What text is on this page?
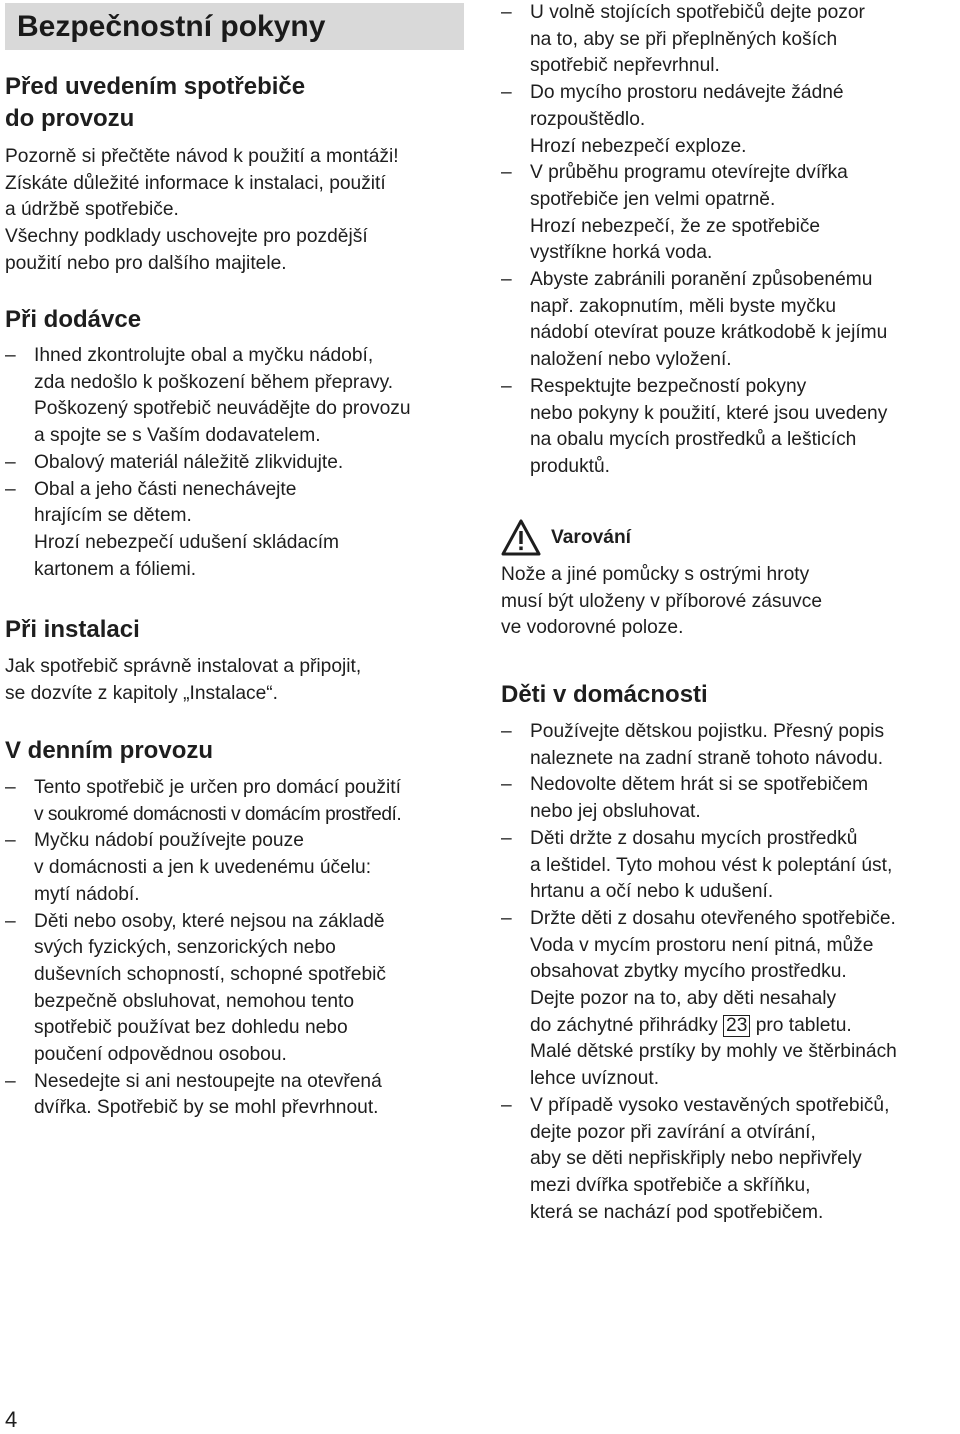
Bezpečnostní pokyny
Před uvedením spotřebiče
do provozu

Pozorně si přečtěte návod k použití a montáži!
Získáte důležité informace k instalaci, použití
a údržbě spotřebiče.
Všechny podklady uschovejte pro pozdější
použití nebo pro dalšího majitele.

Při dodávce
– Ihned zkontrolujte obal a myčku nádobí,
zda nedošlo k poškození během přepravy.
Poškozený spotřebič neuvádějte do provozu
a spojte se s Vaším dodavatelem.
– Obalový materiál náležitě zlikvidujte.
– Obal a jeho části nenechávejte
hrajícím se dětem.
Hrozí nebezpečí udušení skládacím
kartonem a fóliemi.
Při instalaci

Jak spotřebič správně instalovat a připojit,
se dozvíte z kapitoly „Instalace“.

V denním provozu
– Tento spotřebič je určen pro domácí použití
v soukromé domácnosti v domácím prostředí.
– Myčku nádobí používejte pouze
v domácnosti a jen k uvedenému účelu:
mytí nádobí.
– Děti nebo osoby, které nejsou na základě
svých fyzických, senzorických nebo
duševních schopností, schopné spotřebič
bezpečně obsluhovat, nemohou tento
spotřebič používat bez dohledu nebo
poučení odpovědnou osobou.
– Nesedejte si ani nestoupejte na otevřená
dvířka. Spotřebič by se mohl převrhnout.
– U volně stojících spotřebičů dejte pozor
na to, aby se při přeplněných koších
spotřebič nepřevrhnul.
– Do mycího prostoru nedávejte žádné
rozpouštědlo.
Hrozí nebezpečí exploze.
– V průběhu programu otevírejte dvířka
spotřebiče jen velmi opatrně.
Hrozí nebezpečí, že ze spotřebiče
vystříkne horká voda.
– Abyste zabránili poranění způsobenému
např. zakopnutím, měli byste myčku
nádobí otevírat pouze krátkodobě k jejímu
naložení nebo vyložení.
– Respektujte bezpečností pokyny
nebo pokyny k použití, které jsou uvedeny
na obalu mycích prostředků a lešticích
produktů.
Varování

Nože a jiné pomůcky s ostrými hroty
musí být uloženy v příborové zásuvce
ve vodorovné poloze.

Děti v domácnosti
– Používejte dětskou pojistku. Přesný popis
naleznete na zadní straně tohoto návodu.
– Nedovolte dětem hrát si se spotřebičem
nebo jej obsluhovat.
– Děti držte z dosahu mycích prostředků
a leštidel. Tyto mohou vést k poleptání úst,
hrtanu a očí nebo k udušení.
– Držte děti z dosahu otevřeného spotřebiče.
Voda v mycím prostoru není pitná, může
obsahovat zbytky mycího prostředku.
Dejte pozor na to, aby děti nesahaly
do záchytné přihrádky 23 pro tabletu.
Malé dětské prstíky by mohly ve štěrbinách
lehce uvíznout.
– V případě vysoko vestavěných spotřebičů,
dejte pozor při zavírání a otvírání,
aby se děti nepřiskřiply nebo nepřivřely
mezi dvířka spotřebiče a skříňku,
která se nachází pod spotřebičem.
4
